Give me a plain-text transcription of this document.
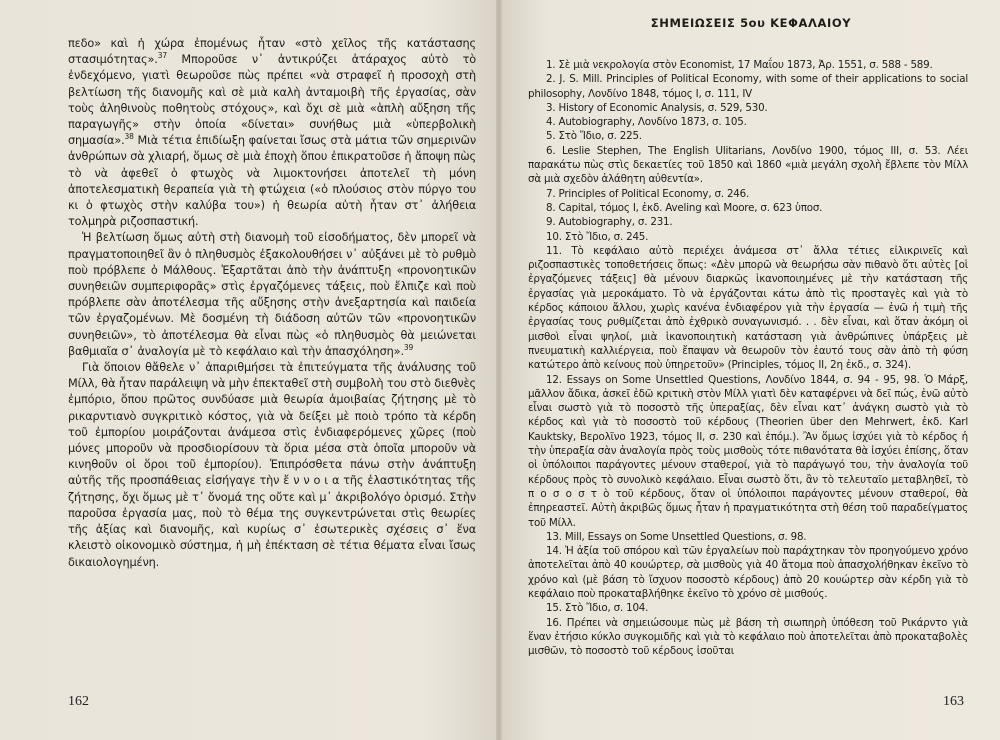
πεδο» καὶ ἡ χώρα ἐπομένως ἦταν «στὸ χεῖλος τῆς κατάστασης στασιμότητας».$^{37}$ Μποροῦσε ν᾽ ἀντικρύζει ἀτάραχος αὐτὸ τὸ ἐνδεχόμενο, γιατὶ θεωροῦσε πὼς πρέπει «νὰ στραφεῖ ἡ προσοχὴ στὴ βελτίωση τῆς διανομῆς καὶ σὲ μιὰ καλὴ ἀνταμοιβὴ τῆς ἐργασίας, σὰν τοὺς ἀληθινοὺς ποθητοὺς στόχους», καὶ ὄχι σὲ μιὰ «ἁπλὴ αὔξηση τῆς παραγωγῆς» στὴν ὁποία «δίνεται» συνήθως μιὰ «ὑπερβολικὴ σημασία».$^{38}$ Μιὰ τέτια ἐπιδίωξη φαίνεται ἴσως στὰ μάτια τῶν σημερινῶν ἀνθρώπων σὰ χλιαρή, ὅμως σὲ μιὰ ἐποχὴ ὅπου ἐπικρατοῦσε ἡ ἄποψη πὼς τὸ νὰ ἀφεθεῖ ὁ φτωχὸς νὰ λιμοκτονήσει ἀποτελεῖ τὴ μόνη ἀποτελεσματικὴ θεραπεία γιὰ τὴ φτώχεια («ὁ πλούσιος στὸν πύργο του κι ὁ φτωχὸς στὴν καλύβα του») ἡ θεωρία αὐτὴ ἦταν στ᾽ ἀλήθεια τολμηρὰ ριζοσπαστική.

Ἡ βελτίωση ὅμως αὐτὴ στὴ διανομὴ τοῦ εἰσοδήματος, δὲν μπορεῖ νὰ πραγματοποιηθεῖ ἂν ὁ πληθυσμὸς ἐξακολουθήσει ν᾽ αὐξάνει μὲ τὸ ρυθμὸ ποὺ πρόβλεπε ὁ Μάλθους. Ἐξαρτᾶται ἀπὸ τὴν ἀνάπτυξη «προνοητικῶν συνηθειῶν συμπεριφορᾶς» στὶς ἐργαζόμενες τάξεις, ποὺ ἔλπιζε καὶ ποὺ πρόβλεπε σὰν ἀποτέλεσμα τῆς αὔξησης στὴν ἀνεξαρτησία καὶ παιδεία τῶν ἐργαζομένων. Μὲ δοσμένη τὴ διάδοση αὐτῶν τῶν «προνοητικῶν συνηθειῶν», τὸ ἀποτέλεσμα θὰ εἶναι πὼς «ὁ πληθυσμὸς θὰ μειώνεται βαθμιαῖα σ᾽ ἀναλογία μὲ τὸ κεφάλαιο καὶ τὴν ἀπασχόληση».$^{39}$

Γιὰ ὅποιον θἄθελε ν᾽ ἀπαριθμήσει τὰ ἐπιτεύγματα τῆς ἀνάλυσης τοῦ Μίλλ, θὰ ἦταν παράλειψη νὰ μὴν ἐπεκταθεῖ στὴ συμβολὴ του στὸ διεθνὲς ἐμπόριο, ὅπου πρῶτος συνδύασε μιὰ θεωρία ἀμοιβαίας ζήτησης μὲ τὸ ρικαρντιανὸ συγκριτικὸ κόστος, γιὰ νὰ δείξει μὲ ποιὸ τρόπο τὰ κέρδη τοῦ ἐμπορίου μοιράζονται ἀνάμεσα στὶς ἐνδιαφερόμενες χῶρες (ποὺ μόνες μποροῦν νὰ προσδιορίσουν τὰ ὅρια μέσα στὰ ὁποῖα μποροῦν νὰ κινηθοῦν οἱ ὅροι τοῦ ἐμπορίου). Ἐπιπρόσθετα πάνω στὴν ἀνάπτυξη αὐτῆς τῆς προσπάθειας εἰσήγαγε τὴν ἔ ν ν ο ι α τῆς ἐλαστικότητας τῆς ζήτησης, ὄχι ὅμως μὲ τ᾽ ὄνομά της οὔτε καὶ μ᾽ ἀκριβολόγο ὁρισμό. Στὴν παροῦσα ἐργασία μας, ποὺ τὸ θέμα της συγκεντρώνεται στὶς θεωρίες τῆς ἀξίας καὶ διανομῆς, καὶ κυρίως σ᾽ ἐσωτερικὲς σχέσεις σ᾽ ἕνα κλειστὸ οἰκονομικὸ σύστημα, ἡ μὴ ἐπέκταση σὲ τέτια θέματα εἶναι ἴσως δικαιολογημένη.

162
ΣΗΜΕΙΩΣΕΙΣ 5ου ΚΕΦΑΛΑΙΟΥ

1. Σὲ μιὰ νεκρολογία στὸν Economist, 17 Μαΐου 1873, Ἀρ. 1551, σ. 588 - 589.

2. J. S. Mill. Principles of Political Economy, with some of their applications to social philosophy, Λονδίνο 1848, τόμος Ι, σ. 111, IV

3. History of Economic Analysis, σ. 529, 530.

4. Autobiography, Λονδίνο 1873, σ. 105.

5. Στὸ Ἴδιο, σ. 225.

6. Leslie Stephen, The English Ulitarians, Λονδίνο 1900, τόμος ΙΙΙ, σ. 53. Λέει παρακάτω πὼς στὶς δεκαετίες τοῦ 1850 καὶ 1860 «μιὰ μεγάλη σχολὴ ἔβλεπε τὸν Μίλλ σὰ μιὰ σχεδὸν ἀλάθητη αὐθεντία».

7. Principles of Political Economy, σ. 246.

8. Capital, τόμος Ι, ἐκδ. Aveling καὶ Moore, σ. 623 ὑποσ.

9. Autobiography, σ. 231.

10. Στὸ Ἴδιο, σ. 245.

11. Τὸ κεφάλαιο αὐτὸ περιέχει ἀνάμεσα στ᾽ ἄλλα τέτιες εἰλικρινεῖς καὶ ριζοσπαστικὲς τοποθετήσεις ὅπως: «Δὲν μπορῶ νὰ θεωρήσω σὰν πιθανὸ ὅτι αὐτὲς [οἱ ἐργαζόμενες τάξεις] θὰ μένουν διαρκῶς ἱκανοποιημένες μὲ τὴν κατάσταση τῆς ἐργασίας γιὰ μεροκάματο. Τὸ νὰ ἐργάζονται κάτω ἀπὸ τὶς προσταγὲς καὶ γιὰ τὸ κέρδος κάποιου ἄλλου, χωρὶς κανένα ἐνδιαφέρον γιὰ τὴν ἐργασία — ἐνῶ ἡ τιμὴ τῆς ἐργασίας τους ρυθμίζεται ἀπὸ ἐχθρικὸ συναγωνισμό. . . δὲν εἶναι, καὶ ὅταν ἀκόμη οἱ μισθοὶ εἶναι ψηλοί, μιὰ ἱκανοποιητικὴ κατάσταση γιὰ ἀνθρώπινες ὑπάρξεις μὲ πνευματικὴ καλλιέργεια, ποὺ ἔπαψαν νὰ θεωροῦν τὸν ἑαυτό τους σὰν ἀπὸ τὴ φύση κατώτερο ἀπὸ κείνους ποὺ ὑπηρετοῦν» (Principles, τόμος ΙΙ, 2η ἐκδ., σ. 324).

12. Essays on Some Unsettled Questions, Λονδίνο 1844, σ. 94 - 95, 98. Ὁ Μάρξ, μᾶλλον ἄδικα, ἀσκεῖ ἐδῶ κριτικὴ στὸν Μίλλ γιατὶ δὲν καταφέρνει νὰ δεῖ πώς, ἐνῶ αὐτὸ εἶναι σωστὸ γιὰ τὸ ποσοστὸ τῆς ὑπεραξίας, δὲν εἶναι κατ᾽ ἀνάγκη σωστὸ γιὰ τὸ κέρδος καὶ γιὰ τὸ ποσοστὸ τοῦ κέρδους (Theorien über den Mehrwert, ἐκδ. Karl Kauktsky, Βερολῖνο 1923, τόμος ΙΙ, σ. 230 καὶ ἑπόμ.). Ἂν ὅμως ἰσχύει γιὰ τὸ κέρδος ἡ τὴν ὑπεραξία σὰν ἀναλογία πρὸς τοὺς μισθοὺς τότε πιθανότατα θὰ ἰσχύει ἐπίσης, ὅταν οἱ ὑπόλοιποι παράγοντες μένουν σταθεροί, γιὰ τὸ παράγωγό του, τὴν ἀναλογία τοῦ κέρδους πρὸς τὸ συνολικὸ κεφάλαιο. Εἶναι σωστὸ ὅτι, ἂν τὸ τελευταῖο μεταβληθεῖ, τὸ π ο σ ο σ τ ὸ τοῦ κέρδους, ὅταν οἱ ὑπόλοιποι παράγοντες μένουν σταθεροί, θὰ ἐπηρεαστεῖ. Αὐτὴ ἀκριβῶς ὅμως ἦταν ἡ πραγματικότητα στὴ θέση τοῦ παραδείγματος τοῦ Μίλλ.

13. Mill, Essays on Some Unsettled Questions, σ. 98.

14. Ἡ ἀξία τοῦ σπόρου καὶ τῶν ἐργαλείων ποὺ παράχτηκαν τὸν προηγούμενο χρόνο ἀποτελεῖται ἀπὸ 40 κουώρτερ, σὰ μισθοὺς γιὰ 40 ἄτομα ποὺ ἀπασχολήθηκαν ἐκεῖνο τὸ χρόνο καὶ (μὲ βάση τὸ ἴσχυον ποσοστὸ κέρδους) ἀπὸ 20 κουώρτερ σὰν κέρδη γιὰ τὸ κεφάλαιο ποὺ προκαταβλήθηκε ἐκεῖνο τὸ χρόνο σὲ μισθούς.

15. Στὸ Ἴδιο, σ. 104.

16. Πρέπει νὰ σημειώσουμε πὼς μὲ βάση τὴ σιωπηρὴ ὑπόθεση τοῦ Ρικάρντο γιὰ ἕναν ἐτήσιο κύκλο συγκομιδῆς καὶ γιὰ τὸ κεφάλαιο ποὺ ἀποτελεῖται ἀπὸ προκαταβολὲς μισθῶν, τὸ ποσοστὸ τοῦ κέρδους ἰσοῦται

163
